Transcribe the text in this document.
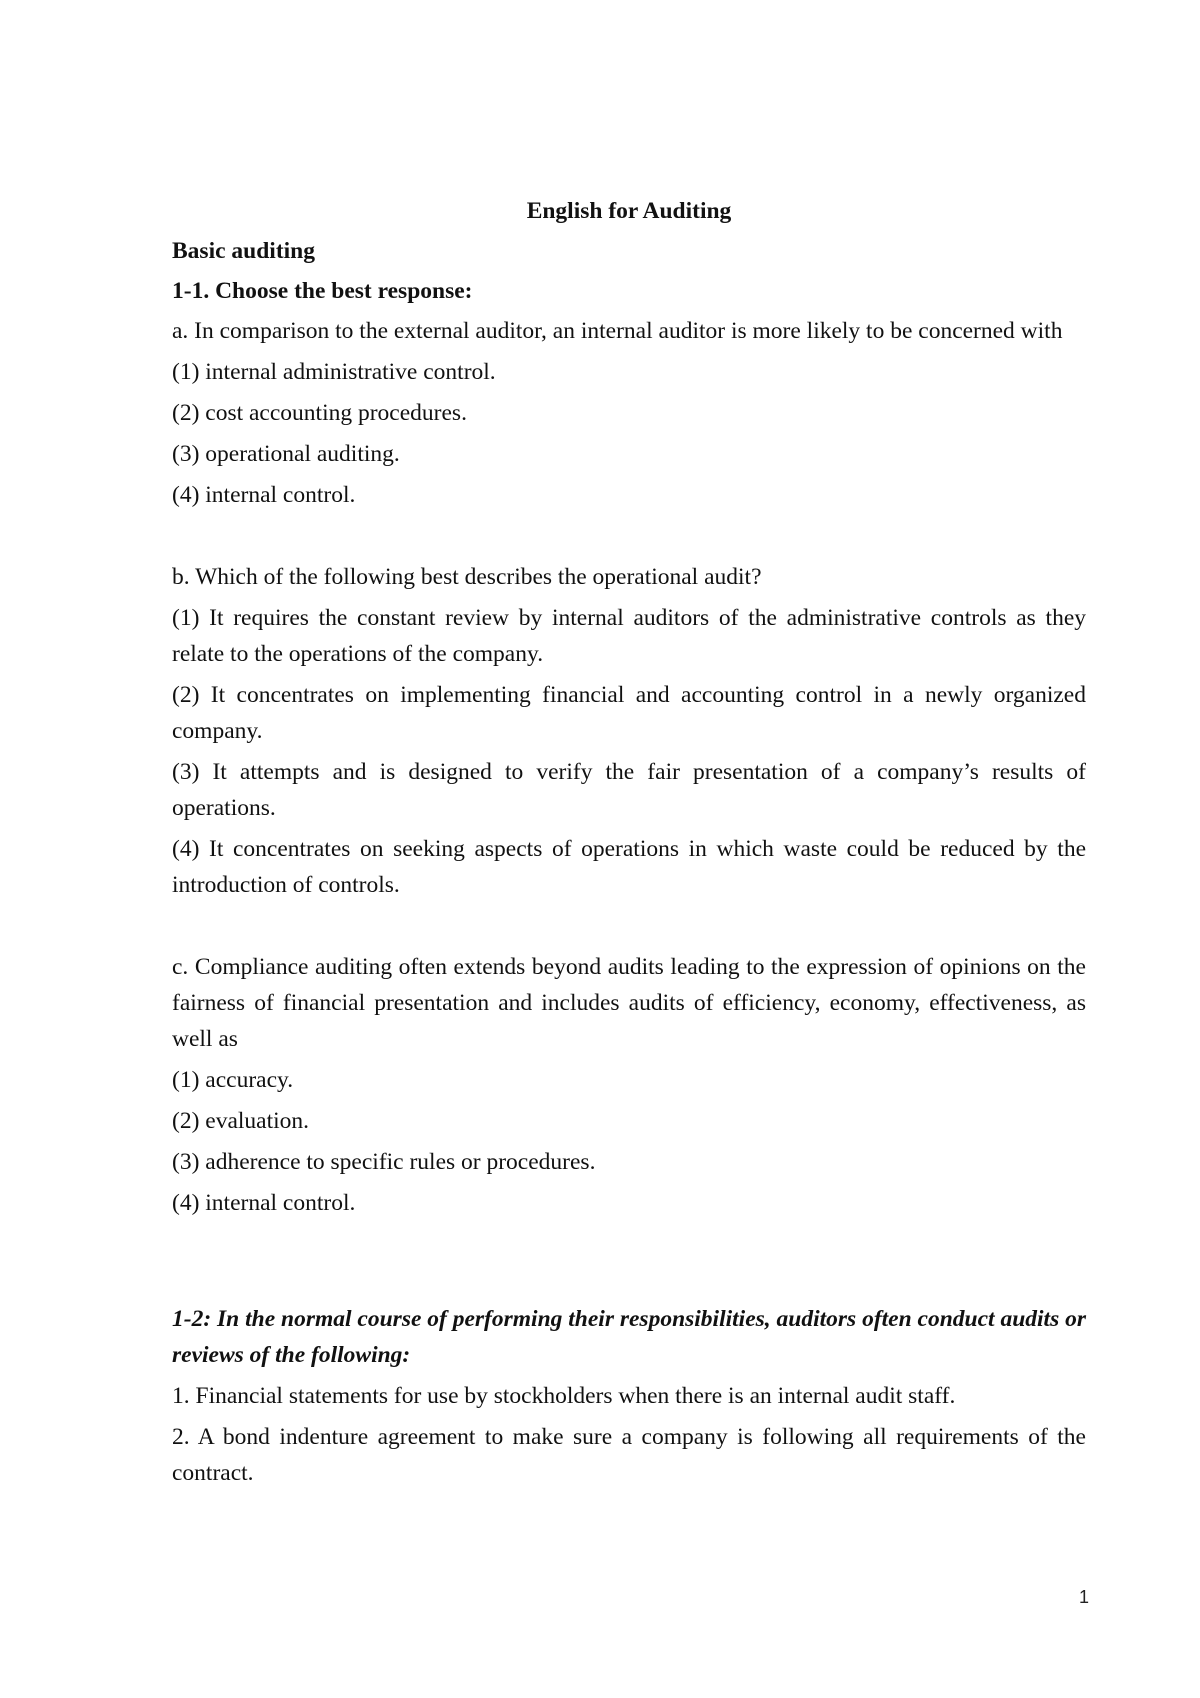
English for Auditing
Basic auditing
1-1. Choose the best response:
a. In comparison to the external auditor, an internal auditor is more likely to be concerned with
(1) internal administrative control.
(2) cost accounting procedures.
(3) operational auditing.
(4) internal control.
b. Which of the following best describes the operational audit?
(1) It requires the constant review by internal auditors of the administrative controls as they relate to the operations of the company.
(2) It concentrates on implementing financial and accounting control in a newly organized company.
(3) It attempts and is designed to verify the fair presentation of a company’s results of operations.
(4) It concentrates on seeking aspects of operations in which waste could be reduced by the introduction of controls.
c. Compliance auditing often extends beyond audits leading to the expression of opinions on the fairness of financial presentation and includes audits of efficiency, economy, effectiveness, as well as
(1) accuracy.
(2) evaluation.
(3) adherence to specific rules or procedures.
(4) internal control.
1-2: In the normal course of performing their responsibilities, auditors often conduct audits or reviews of the following:
1. Financial statements for use by stockholders when there is an internal audit staff.
2. A bond indenture agreement to make sure a company is following all requirements of the contract.
1
